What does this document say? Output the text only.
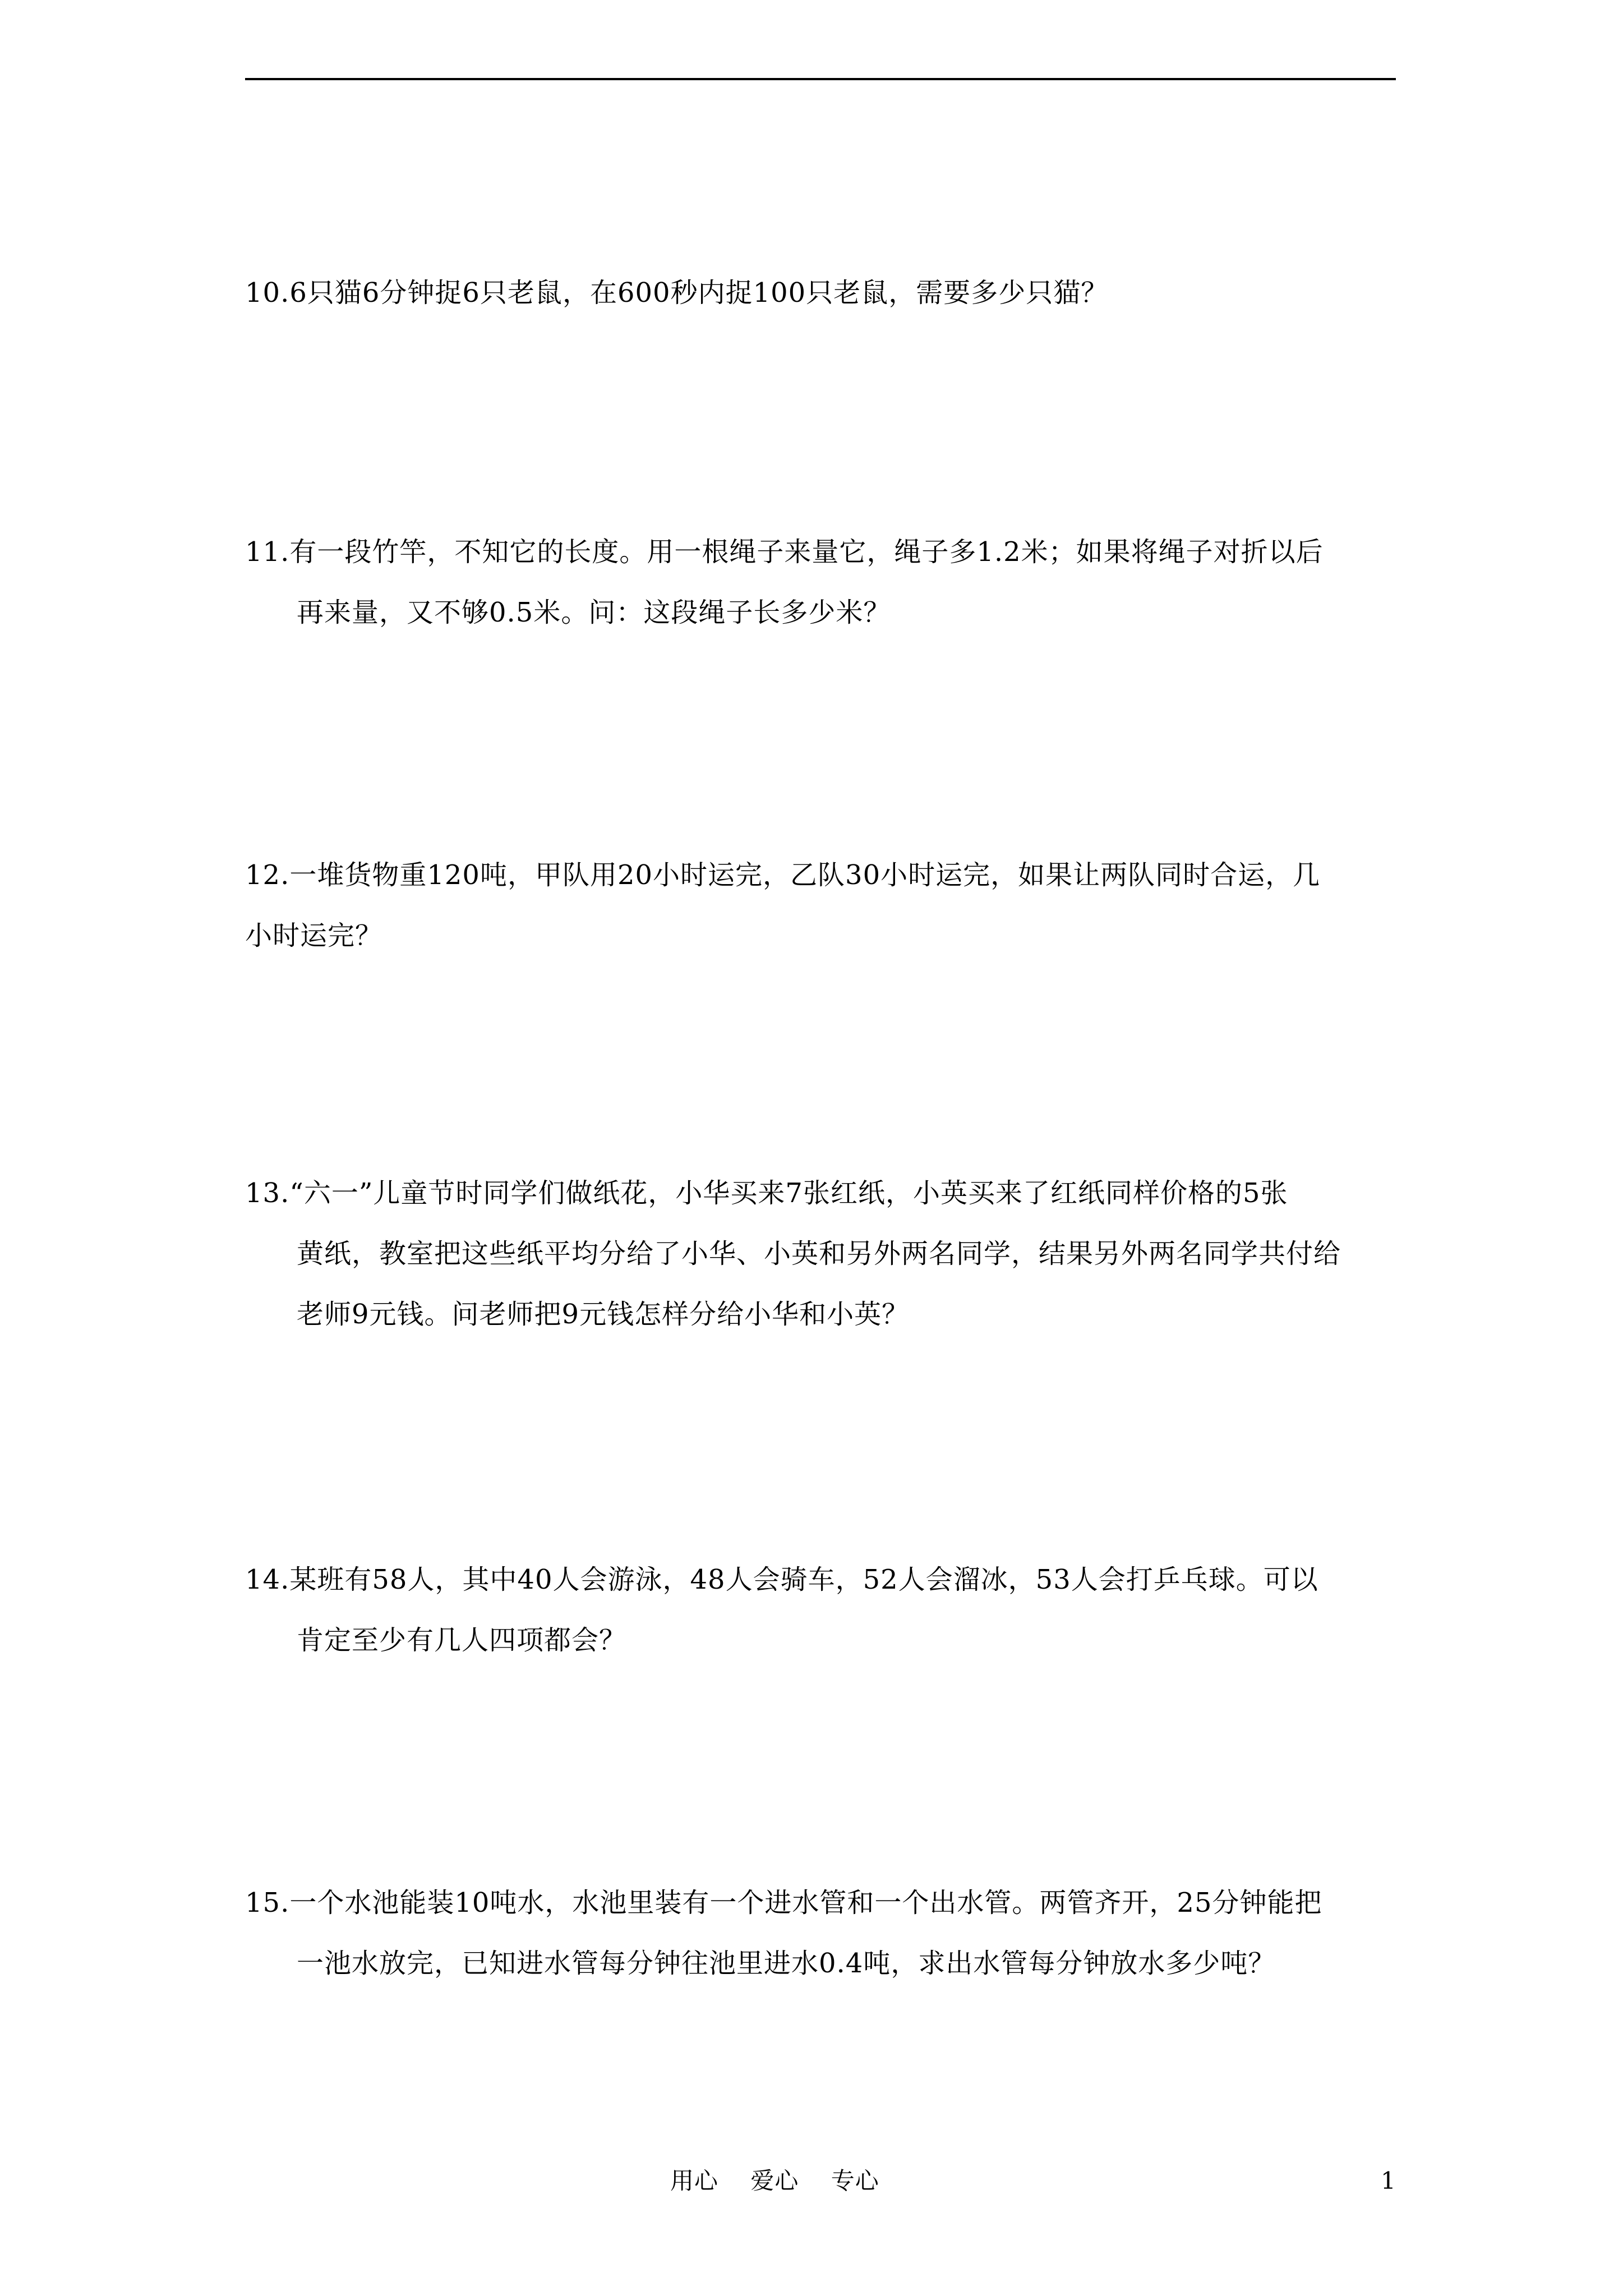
10.6只猫6分钟捉6只老鼠，在600秒内捉100只老鼠，需要多少只猫？
11.有一段竹竿，不知它的长度。用一根绳子来量它，绳子多1.2米；如果将绳子对折以后
再来量，又不够0.5米。问：这段绳子长多少米？
12.一堆货物重120吨，甲队用20小时运完，乙队30小时运完，如果让两队同时合运，几
小时运完？
13.“六一”儿童节时同学们做纸花，小华买来7张红纸，小英买来了红纸同样价格的5张
黄纸，教室把这些纸平均分给了小华、小英和另外两名同学，结果另外两名同学共付给
老师9元钱。问老师把9元钱怎样分给小华和小英？
14.某班有58人，其中40人会游泳，48人会骑车，52人会溜冰，53人会打乒乓球。可以
肯定至少有几人四项都会？
15.一个水池能装10吨水，水池里装有一个进水管和一个出水管。两管齐开，25分钟能把
一池水放完，已知进水管每分钟往池里进水0.4吨，求出水管每分钟放水多少吨？
用心    爱心    专心	1
